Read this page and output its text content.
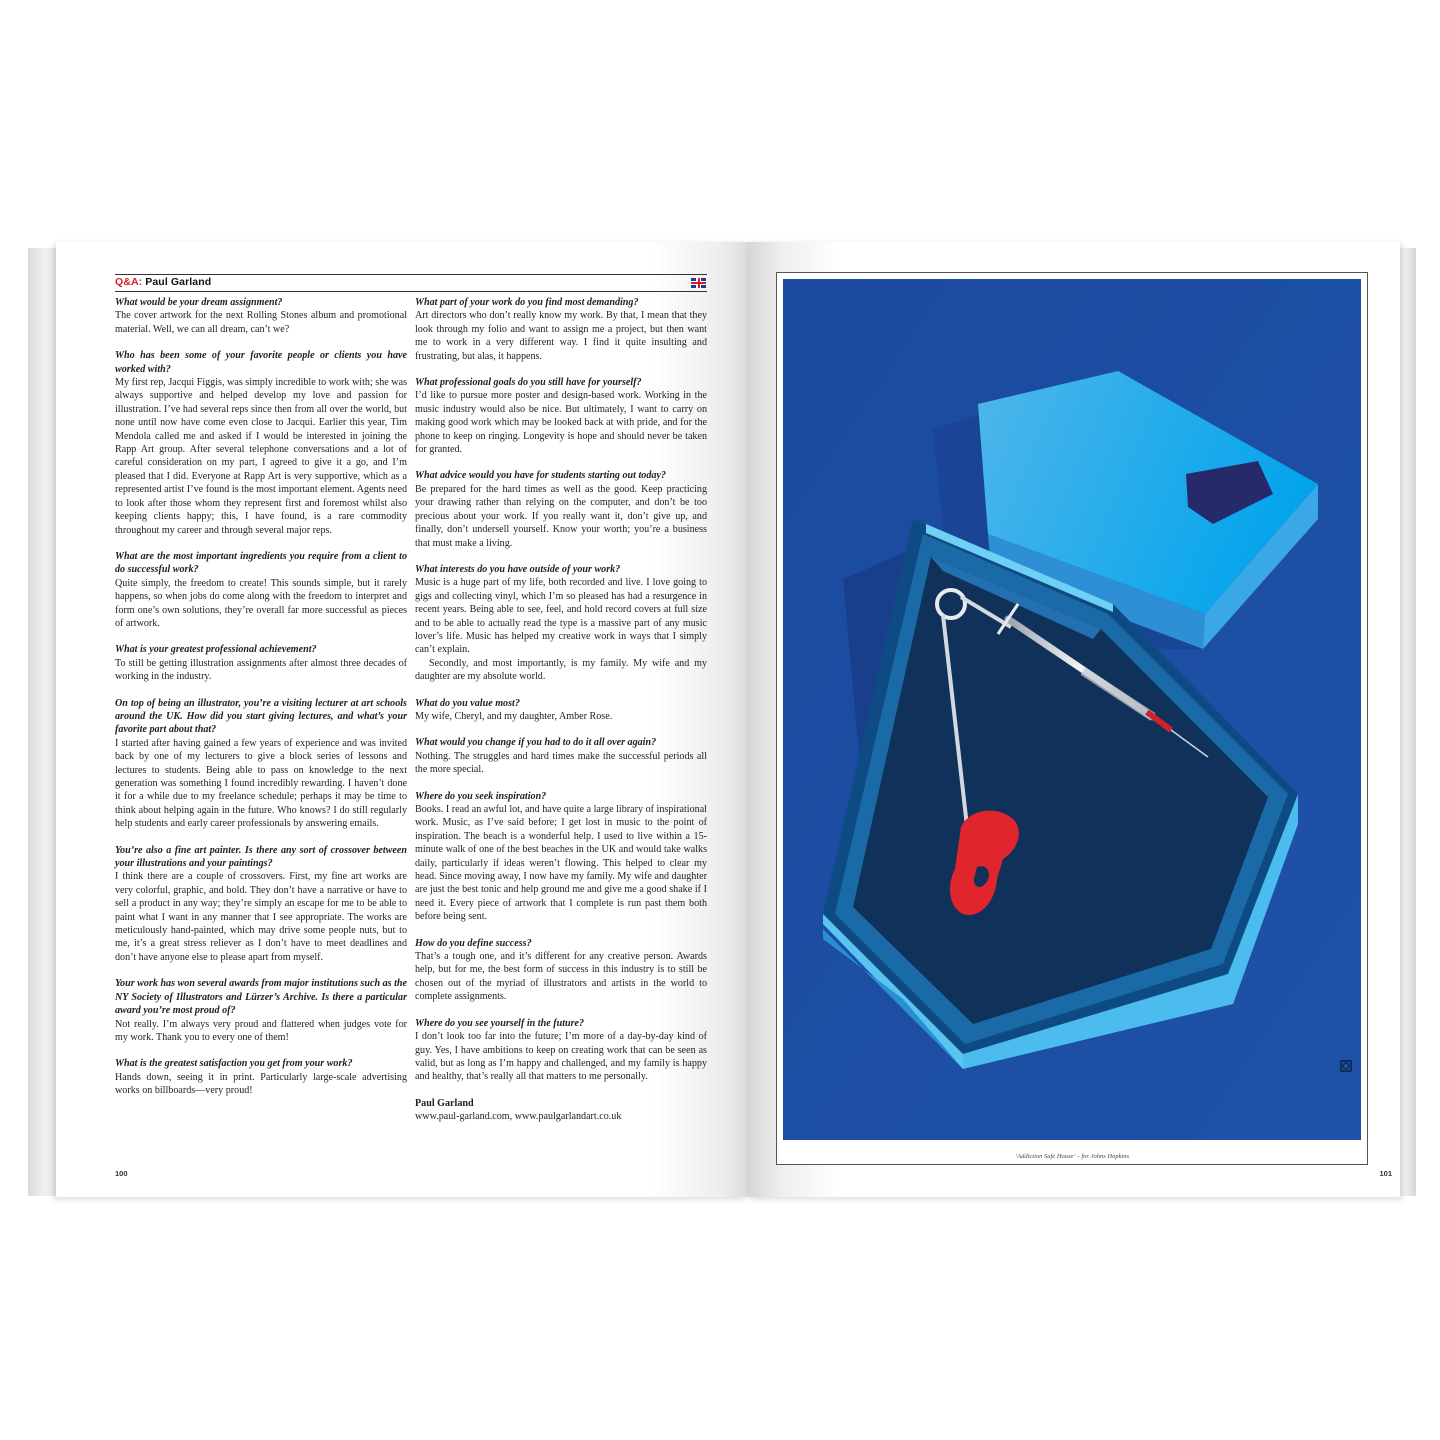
Q&A: Paul Garland
What would be your dream assignment?
The cover artwork for the next Rolling Stones album and promotional material. Well, we can all dream, can’t we?
Who has been some of your favorite people or clients you have worked with?
My first rep, Jacqui Figgis, was simply incredible to work with; she was always supportive and helped develop my love and passion for illustration. I’ve had several reps since then from all over the world, but none until now have come even close to Jacqui. Earlier this year, Tim Mendola called me and asked if I would be interested in joining the Rapp Art group. After several telephone conversations and a lot of careful consideration on my part, I agreed to give it a go, and I’m pleased that I did. Everyone at Rapp Art is very supportive, which as a represented artist I’ve found is the most important element. Agents need to look after those whom they represent first and foremost whilst also keeping clients happy; this, I have found, is a rare commodity throughout my career and through several major reps.
What are the most important ingredients you require from a client to do successful work?
Quite simply, the freedom to create! This sounds simple, but it rarely happens, so when jobs do come along with the freedom to interpret and form one’s own solutions, they’re overall far more successful as pieces of artwork.
What is your greatest professional achievement?
To still be getting illustration assignments after almost three decades of working in the industry.
On top of being an illustrator, you’re a visiting lecturer at art schools around the UK. How did you start giving lectures, and what’s your favorite part about that?
I started after having gained a few years of experience and was invited back by one of my lecturers to give a block series of lessons and lectures to students. Being able to pass on knowledge to the next generation was something I found incredibly rewarding. I haven’t done it for a while due to my freelance schedule; perhaps it may be time to think about helping again in the future. Who knows? I do still regularly help students and early career professionals by answering emails.
You’re also a fine art painter. Is there any sort of crossover between your illustrations and your paintings?
I think there are a couple of crossovers. First, my fine art works are very colorful, graphic, and bold. They don’t have a narrative or have to sell a product in any way; they’re simply an escape for me to be able to paint what I want in any manner that I see appropriate. The works are meticulously hand-painted, which may drive some people nuts, but to me, it’s a great stress reliever as I don’t have to meet deadlines and don’t have anyone else to please apart from myself.
Your work has won several awards from major institutions such as the NY Society of Illustrators and Lürzer’s Archive. Is there a particular award you’re most proud of?
Not really. I’m always very proud and flattered when judges vote for my work. Thank you to every one of them!
What is the greatest satisfaction you get from your work?
Hands down, seeing it in print. Particularly large-scale advertising works on billboards—very proud!
What part of your work do you find most demanding?
Art directors who don’t really know my work. By that, I mean that they look through my folio and want to assign me a project, but then want me to work in a very different way. I find it quite insulting and frustrating, but alas, it happens.
What professional goals do you still have for yourself?
I’d like to pursue more poster and design-based work. Working in the music industry would also be nice. But ultimately, I want to carry on making good work which may be looked back at with pride, and for the phone to keep on ringing. Longevity is hope and should never be taken for granted.
What advice would you have for students starting out today?
Be prepared for the hard times as well as the good. Keep practicing your drawing rather than relying on the computer, and don’t be too precious about your work. If you really want it, don’t give up, and finally, don’t undersell yourself. Know your worth; you’re a business that must make a living.
What interests do you have outside of your work?
Music is a huge part of my life, both recorded and live. I love going to gigs and collecting vinyl, which I’m so pleased has had a resurgence in recent years. Being able to see, feel, and hold record covers at full size and to be able to actually read the type is a massive part of any music lover’s life. Music has helped my creative work in ways that I simply can’t explain.
Secondly, and most importantly, is my family. My wife and my daughter are my absolute world.
What do you value most?
My wife, Cheryl, and my daughter, Amber Rose.
What would you change if you had to do it all over again?
Nothing. The struggles and hard times make the successful periods all the more special.
Where do you seek inspiration?
Books. I read an awful lot, and have quite a large library of inspirational work. Music, as I’ve said before; I get lost in music to the point of inspiration. The beach is a wonderful help. I used to live within a 15-minute walk of one of the best beaches in the UK and would take walks daily, particularly if ideas weren’t flowing. This helped to clear my head. Since moving away, I now have my family. My wife and daughter are just the best tonic and help ground me and give me a good shake if I need it. Every piece of artwork that I complete is run past them both before being sent.
How do you define success?
That’s a tough one, and it’s different for any creative person. Awards help, but for me, the best form of success in this industry is to still be chosen out of the myriad of illustrators and artists in the world to complete assignments.
Where do you see yourself in the future?
I don’t look too far into the future; I’m more of a day-by-day kind of guy. Yes, I have ambitions to keep on creating work that can be seen as valid, but as long as I’m happy and challenged, and my family is happy and healthy, that’s really all that matters to me personally.
Paul Garland
www.paul-garland.com, www.paulgarlandart.co.uk
100
‘Addiction Safe House’ – for Johns Hopkins
101
